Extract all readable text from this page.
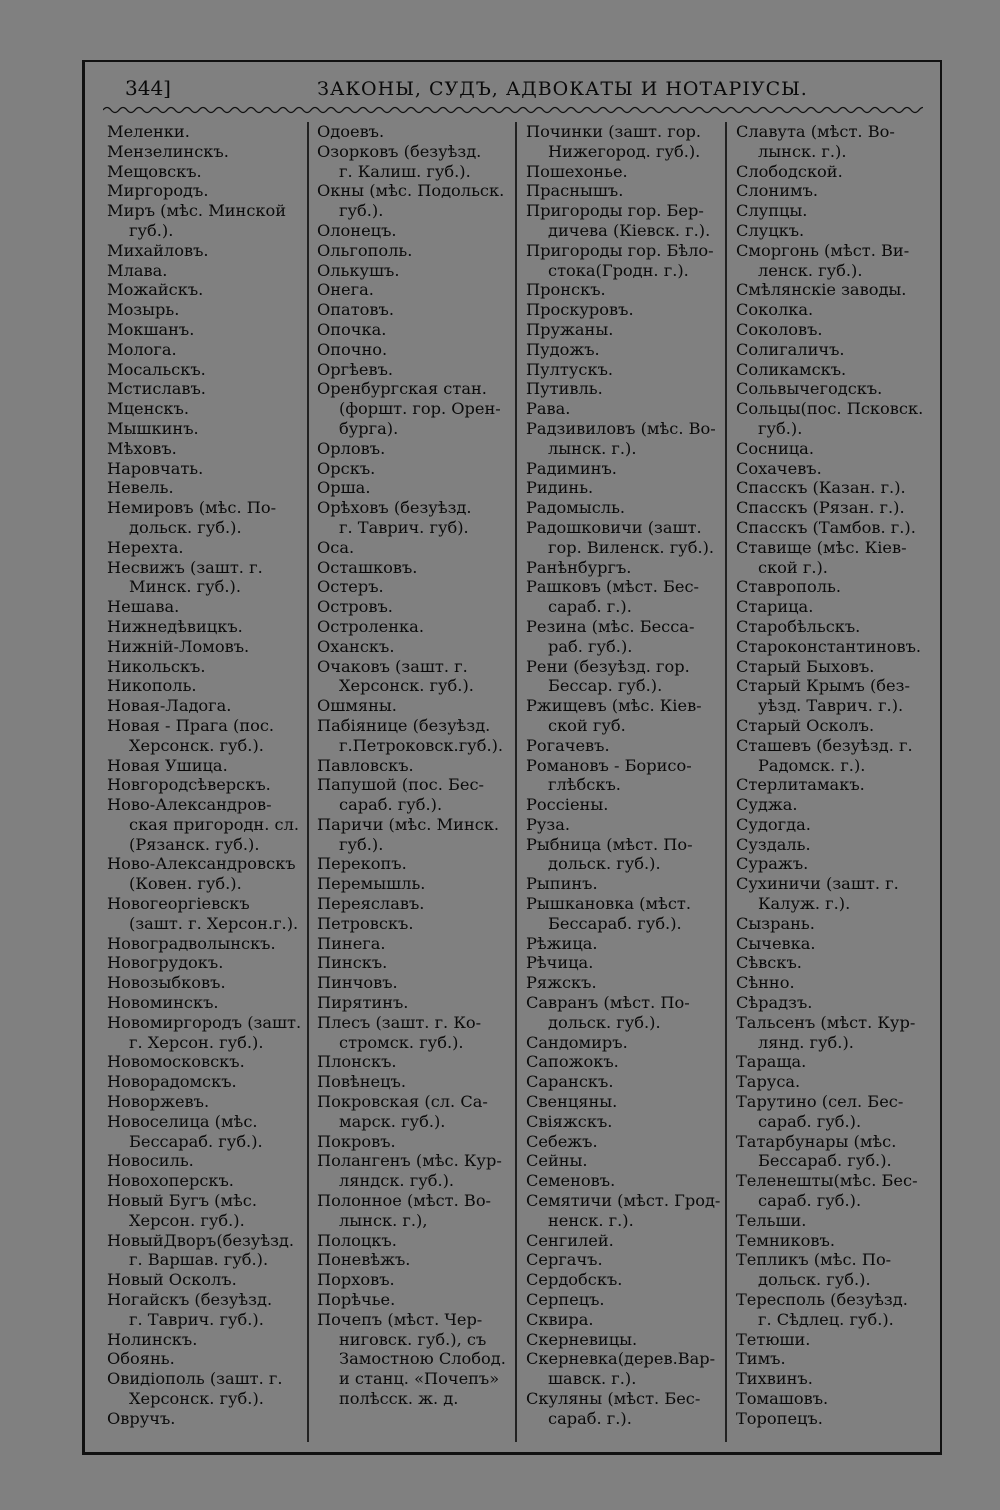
344]	ЗАКОНЫ, СУДЪ, АДВОКАТЫ И НОТАРІУСЫ.
Меленки.
Мензелинскъ.
Мещовскъ.
Миргородъ.
Миръ (мѣс. Минской
губ.).
Михайловъ.
Млава.
Можайскъ.
Мозырь.
Мокшанъ.
Молога.
Мосальскъ.
Мстиславъ.
Мценскъ.
Мышкинъ.
Мѣховъ.
Наровчать.
Невель.
Немировъ (мѣс. По-
дольск. губ.).
Нерехта.
Несвижъ (зашт. г.
Минск. губ.).
Нешава.
Нижнедѣвицкъ.
Нижній-Ломовъ.
Никольскъ.
Никополь.
Новая-Ладога.
Новая - Прага (пос.
Херсонск. губ.).
Новая Ушица.
Новгородсѣверскъ.
Ново-Александров-
ская пригородн. сл.
(Рязанск. губ.).
Ново-Александровскъ
(Ковен. губ.).
Новогеоргіевскъ
(зашт. г. Херсон.г.).
Новоградволынскъ.
Новогрудокъ.
Новозыбковъ.
Новоминскъ.
Новомиргородъ (зашт.
г. Херсон. губ.).
Новомосковскъ.
Новорадомскъ.
Новоржевъ.
Новоселица (мѣс.
Бессараб. губ.).
Новосиль.
Новохоперскъ.
Новый Бугъ (мѣс.
Херсон. губ.).
НовыйДворъ(безуѣзд.
г. Варшав. губ.).
Новый Осколъ.
Ногайскъ (безуѣзд.
г. Таврич. губ.).
Нолинскъ.
Обоянь.
Овидіополь (зашт. г.
Херсонск. губ.).
Овручъ.
Одоевъ.
Озорковъ (безуѣзд.
г. Калиш. губ.).
Окны (мѣс. Подольск.
губ.).
Олонецъ.
Ольгополь.
Олькушъ.
Онега.
Опатовъ.
Опочка.
Опочно.
Оргѣевъ.
Оренбургская стан.
(форшт. гор. Орен-
бурга).
Орловъ.
Орскъ.
Орша.
Орѣховъ (безуѣзд.
г. Таврич. губ).
Оса.
Осташковъ.
Остеръ.
Островъ.
Остроленка.
Оханскъ.
Очаковъ (зашт. г.
Херсонск. губ.).
Ошмяны.
Пабіяницe (безуѣзд.
г.Петроковск.губ.).
Павловскъ.
Папушой (пос. Бес-
сараб. губ.).
Паричи (мѣс. Минск.
губ.).
Перекопъ.
Перемышль.
Переяславъ.
Петровскъ.
Пинега.
Пинскъ.
Пинчовъ.
Пирятинъ.
Плесъ (зашт. г. Ко-
стромск. губ.).
Плонскъ.
Повѣнецъ.
Покровская (сл. Са-
марск. губ.).
Покровъ.
Полангенъ (мѣс. Кур-
ляндск. губ.).
Полонное (мѣст. Во-
лынск. г.),
Полоцкъ.
Поневѣжъ.
Порховъ.
Порѣчье.
Почепъ (мѣст. Чер-
ниговск. губ.), съ
Замостною Слобод.
и станц. «Почепъ»
полѣсск. ж. д.
Починки (зашт. гор.
Нижегород. губ.).
Пошехонье.
Праснышъ.
Пригороды гор. Бер-
дичева (Кіевск. г.).
Пригороды гор. Бѣло-
стока(Гродн. г.).
Пронскъ.
Проскуровъ.
Пружаны.
Пудожъ.
Пултускъ.
Путивль.
Рава.
Радзивиловъ (мѣс. Во-
лынск. г.).
Радиминъ.
Ридинь.
Радомысль.
Радошковичи (зашт.
гор. Виленск. губ.).
Ранѣнбургъ.
Рашковъ (мѣст. Бес-
сараб. г.).
Резина (мѣс. Бесса-
раб. губ.).
Рени (безуѣзд. гор.
Бессар. губ.).
Ржищевъ (мѣс. Кіев-
ской губ.
Рогачевъ.
Романовъ - Борисо-
глѣбскъ.
Россіены.
Руза.
Рыбница (мѣст. По-
дольск. губ.).
Рыпинъ.
Рышкановка (мѣст.
Бессараб. губ.).
Рѣжица.
Рѣчица.
Ряжскъ.
Савранъ (мѣст. По-
дольск. губ.).
Сандомиръ.
Сапожокъ.
Саранскъ.
Свенцяны.
Свіяжскъ.
Себежъ.
Сейны.
Семеновъ.
Семятичи (мѣст. Грод-
ненск. г.).
Сенгилей.
Сергачъ.
Сердобскъ.
Серпецъ.
Сквира.
Скерневицы.
Скерневка(дерев.Вар-
шавск. г.).
Скуляны (мѣст. Бес-
сараб. г.).
Славута (мѣст. Во-
лынск. г.).
Слободской.
Слонимъ.
Слупцы.
Слуцкъ.
Сморгонь (мѣст. Ви-
ленск. губ.).
Смѣлянскіе заводы.
Соколка.
Соколовъ.
Солигаличъ.
Соликамскъ.
Сольвычегодскъ.
Сольцы(пос. Псковск.
губ.).
Сосница.
Сохачевъ.
Спасскъ (Казан. г.).
Спасскъ (Рязан. г.).
Спасскъ (Тамбов. г.).
Ставище (мѣс. Кіев-
ской г.).
Ставрополь.
Старица.
Старобѣльскъ.
Староконстантиновъ.
Старый Быховъ.
Старый Крымъ (без-
уѣзд. Таврич. г.).
Старый Осколъ.
Сташевъ (безуѣзд. г.
Радомск. г.).
Стерлитамакъ.
Суджа.
Судогда.
Суздаль.
Суражъ.
Сухиничи (зашт. г.
Калуж. г.).
Сызрань.
Сычевка.
Сѣвскъ.
Сѣнно.
Сѣрадзъ.
Тальсенъ (мѣст. Кур-
лянд. губ.).
Таращa.
Таруса.
Тарутино (сел. Бес-
сараб. губ.).
Татарбунары (мѣс.
Бессараб. губ.).
Теленешты(мѣс. Бес-
сараб. губ.).
Тельши.
Темниковъ.
Тепликъ (мѣс. По-
дольск. губ.).
Тересполь (безуѣзд.
г. Сѣдлец. губ.).
Тетюши.
Тимъ.
Тихвинъ.
Томашовъ.
Торопецъ.
